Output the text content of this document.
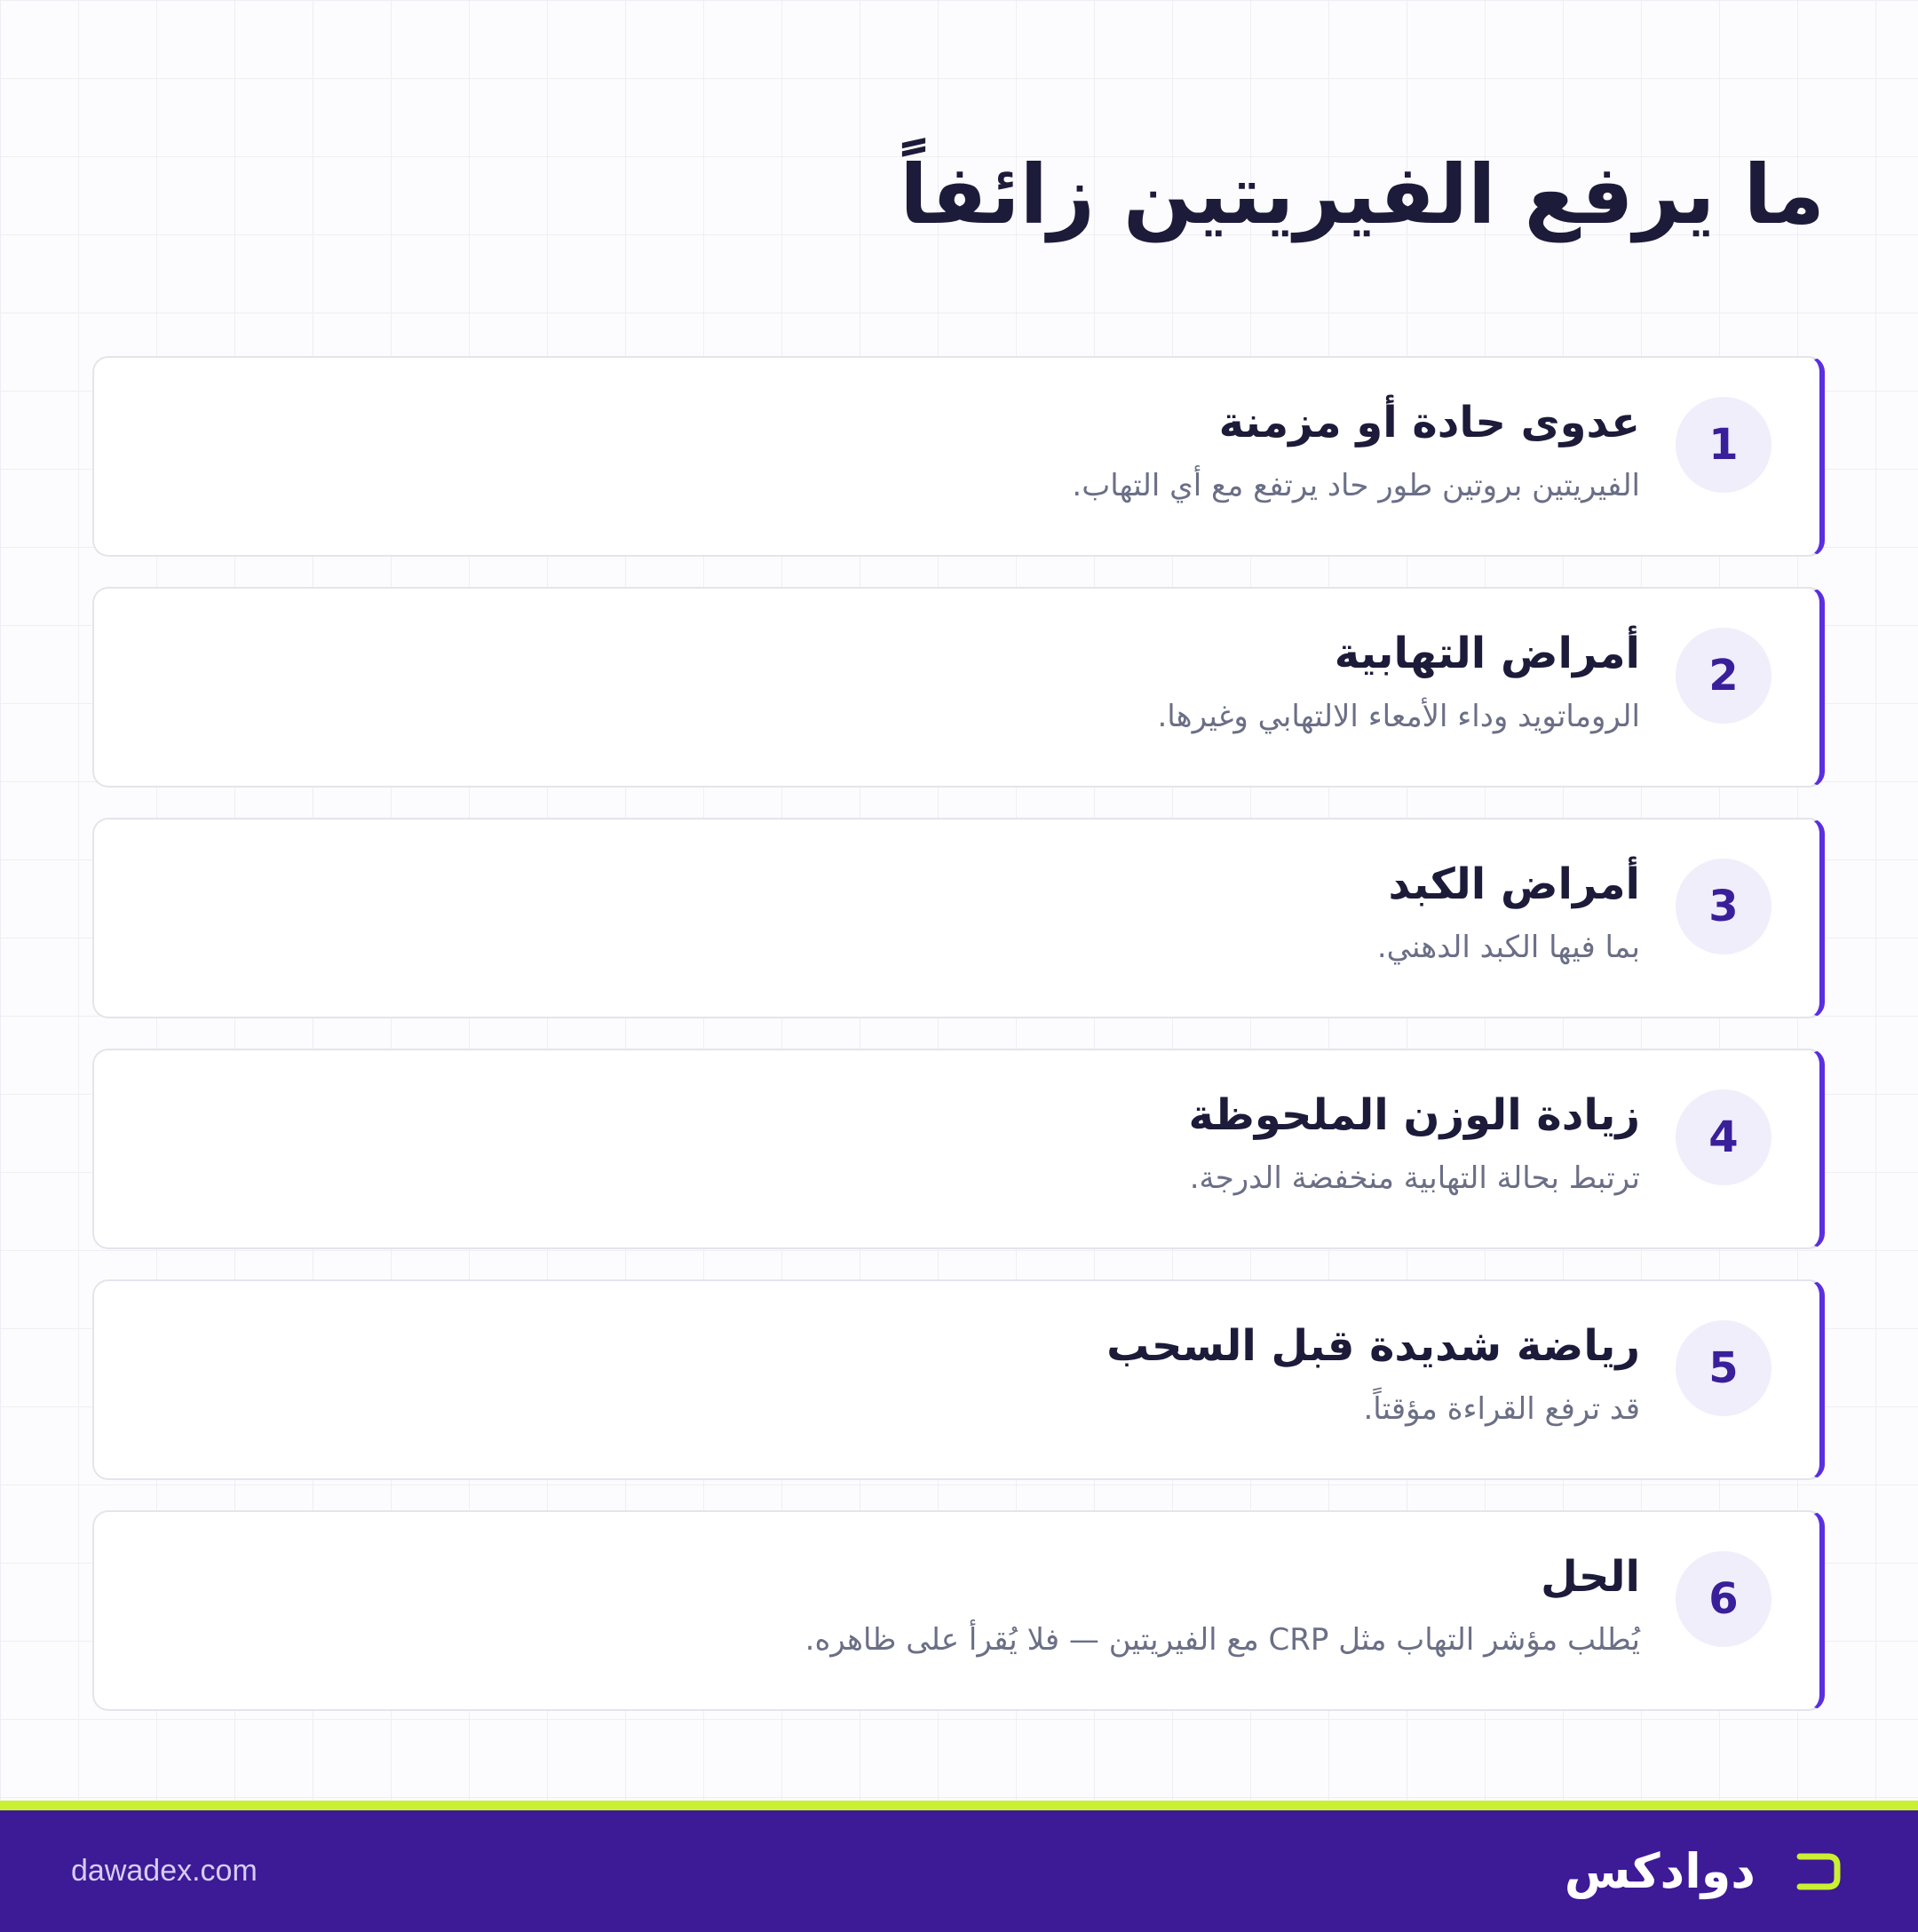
ما يرفع الفيريتين زائفاً
1
عدوى حادة أو مزمنة
الفيريتين بروتين طور حاد يرتفع مع أي التهاب.
2
أمراض التهابية
الروماتويد وداء الأمعاء الالتهابي وغيرها.
3
أمراض الكبد
بما فيها الكبد الدهني.
4
زيادة الوزن الملحوظة
ترتبط بحالة التهابية منخفضة الدرجة.
5
رياضة شديدة قبل السحب
قد ترفع القراءة مؤقتاً.
6
الحل
يُطلب مؤشر التهاب مثل CRP مع الفيريتين — فلا يُقرأ على ظاهره.
dawadex.com	دوادكس
